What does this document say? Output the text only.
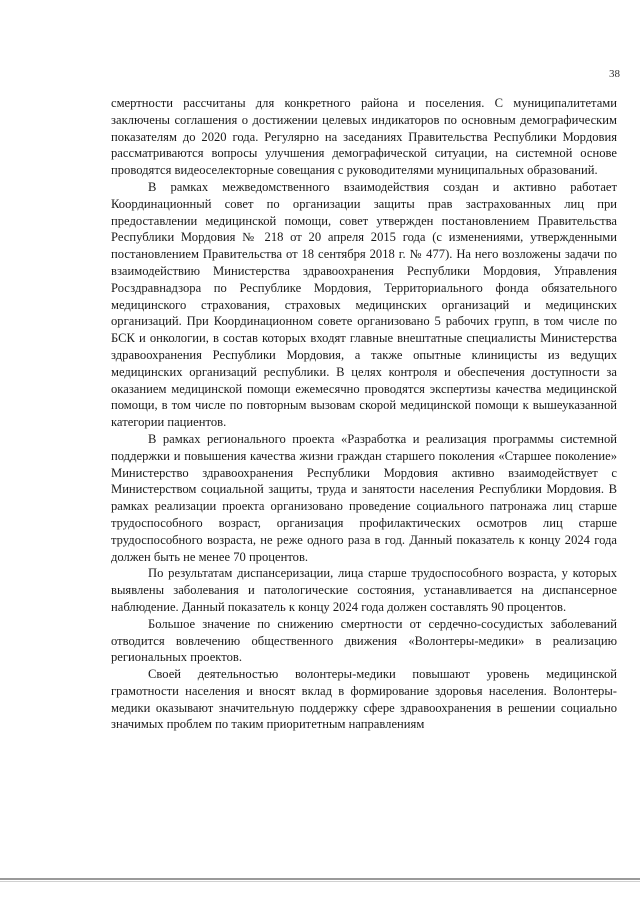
38

смертности рассчитаны для конкретного района и поселения. С муниципалитетами заключены соглашения о достижении целевых индикаторов по основным демографическим показателям до 2020 года. Регулярно на заседаниях Правительства Республики Мордовия рассматриваются вопросы улучшения демографической ситуации, на системной основе проводятся видеоселекторные совещания с руководителями муниципальных образований.

В рамках межведомственного взаимодействия создан и активно работает Координационный совет по организации защиты прав застрахованных лиц при предоставлении медицинской помощи, совет утвержден постановлением Правительства Республики Мордовия № 218 от 20 апреля 2015 года (с изменениями, утвержденными постановлением Правительства от 18 сентября 2018 г. № 477). На него возложены задачи по взаимодействию Министерства здравоохранения Республики Мордовия, Управления Росздравнадзора по Республике Мордовия, Территориального фонда обязательного медицинского страхования, страховых медицинских организаций и медицинских организаций. При Координационном совете организовано 5 рабочих групп, в том числе по БСК и онкологии, в состав которых входят главные внештатные специалисты Министерства здравоохранения Республики Мордовия, а также опытные клиницисты из ведущих медицинских организаций республики. В целях контроля и обеспечения доступности за оказанием медицинской помощи ежемесячно проводятся экспертизы качества медицинской помощи, в том числе по повторным вызовам скорой медицинской помощи к вышеуказанной категории пациентов.

В рамках регионального проекта «Разработка и реализация программы системной поддержки и повышения качества жизни граждан старшего поколения «Старшее поколение» Министерство здравоохранения Республики Мордовия активно взаимодействует с Министерством социальной защиты, труда и занятости населения Республики Мордовия. В рамках реализации проекта организовано проведение социального патронажа лиц старше трудоспособного возраст, организация профилактических осмотров лиц старше трудоспособного возраста, не реже одного раза в год. Данный показатель к концу 2024 года должен быть не менее 70 процентов.

По результатам диспансеризации, лица старше трудоспособного возраста, у которых выявлены заболевания и патологические состояния, устанавливается на диспансерное наблюдение. Данный показатель к концу 2024 года должен составлять 90 процентов.

Большое значение по снижению смертности от сердечно-сосудистых заболеваний отводится вовлечению общественного движения «Волонтеры-медики» в реализацию региональных проектов.

Своей деятельностью волонтеры-медики повышают уровень медицинской грамотности населения и вносят вклад в формирование здоровья населения. Волонтеры-медики оказывают значительную поддержку сфере здравоохранения в решении социально значимых проблем по таким приоритетным направлениям
